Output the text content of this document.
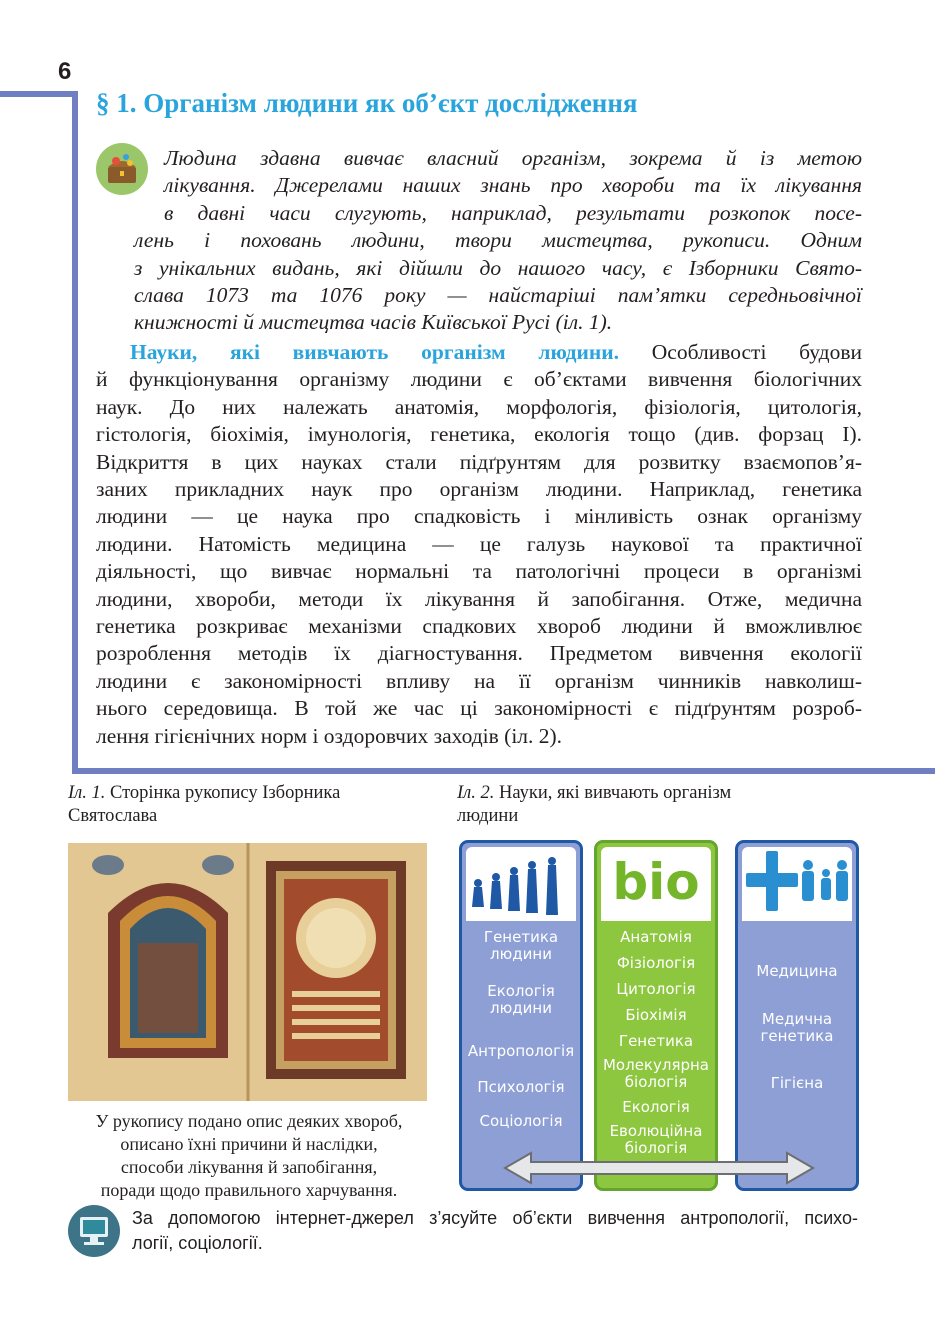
6
§ 1. Організм людини як об’єкт дослідження
Людина здавна вивчає власний організм, зокрема й із метою
лікування. Джерелами наших знань про хвороби та їх лікування
в давні часи слугують, наприклад, результати розкопок посе-
лень і поховань людини, твори мистецтва, рукописи. Одним
з унікальних видань, які дійшли до нашого часу, є Ізборники Свято-
слава 1073 та 1076 року — найстаріші пам’ятки середньовічної
книжності й мистецтва часів Київської Русі (іл. 1).
Науки, які вивчають організм людини. Особливості будови
й функціонування організму людини є об’єктами вивчення біологічних
наук. До них належать анатомія, морфологія, фізіологія, цитологія,
гістологія, біохімія, імунологія, генетика, екологія тощо (див. форзац І).
Відкриття в цих науках стали підґрунтям для розвитку взаємопов’я-
заних прикладних наук про організм людини. Наприклад, генетика
людини — це наука про спадковість і мінливість ознак організму
людини. Натомість медицина — це галузь наукової та практичної
діяльності, що вивчає нормальні та патологічні процеси в організмі
людини, хвороби, методи їх лікування й запобігання. Отже, медична
генетика розкриває механізми спадкових хвороб людини й вможливлює
розроблення методів їх діагностування. Предметом вивчення екології
людини є закономірності впливу на її організм чинників навколиш-
нього середовища. В той же час ці закономірності є підґрунтям розроб-
лення гігієнічних норм і оздоровчих заходів (іл. 2).
Іл. 1. Сторінка рукопису Ізборника
Святослава
У рукопису подано опис деяких хвороб,
описано їхні причини й наслідки,
способи лікування й запобігання,
поради щодо правильного харчування.
Іл. 2. Науки, які вивчають організм
людини
Генетика людини
Екологія людини
Антропологія
Психологія
Соціологія
bio
Анатомія
Фізіологія
Цитологія
Біохімія
Генетика
Молекулярна біологія
Екологія
Еволюційна біологія
Медицина
Медична генетика
Гігієна
За допомогою інтернет-джерел з’ясуйте об’єкти вивчення антропології, психо-
логії, соціології.
